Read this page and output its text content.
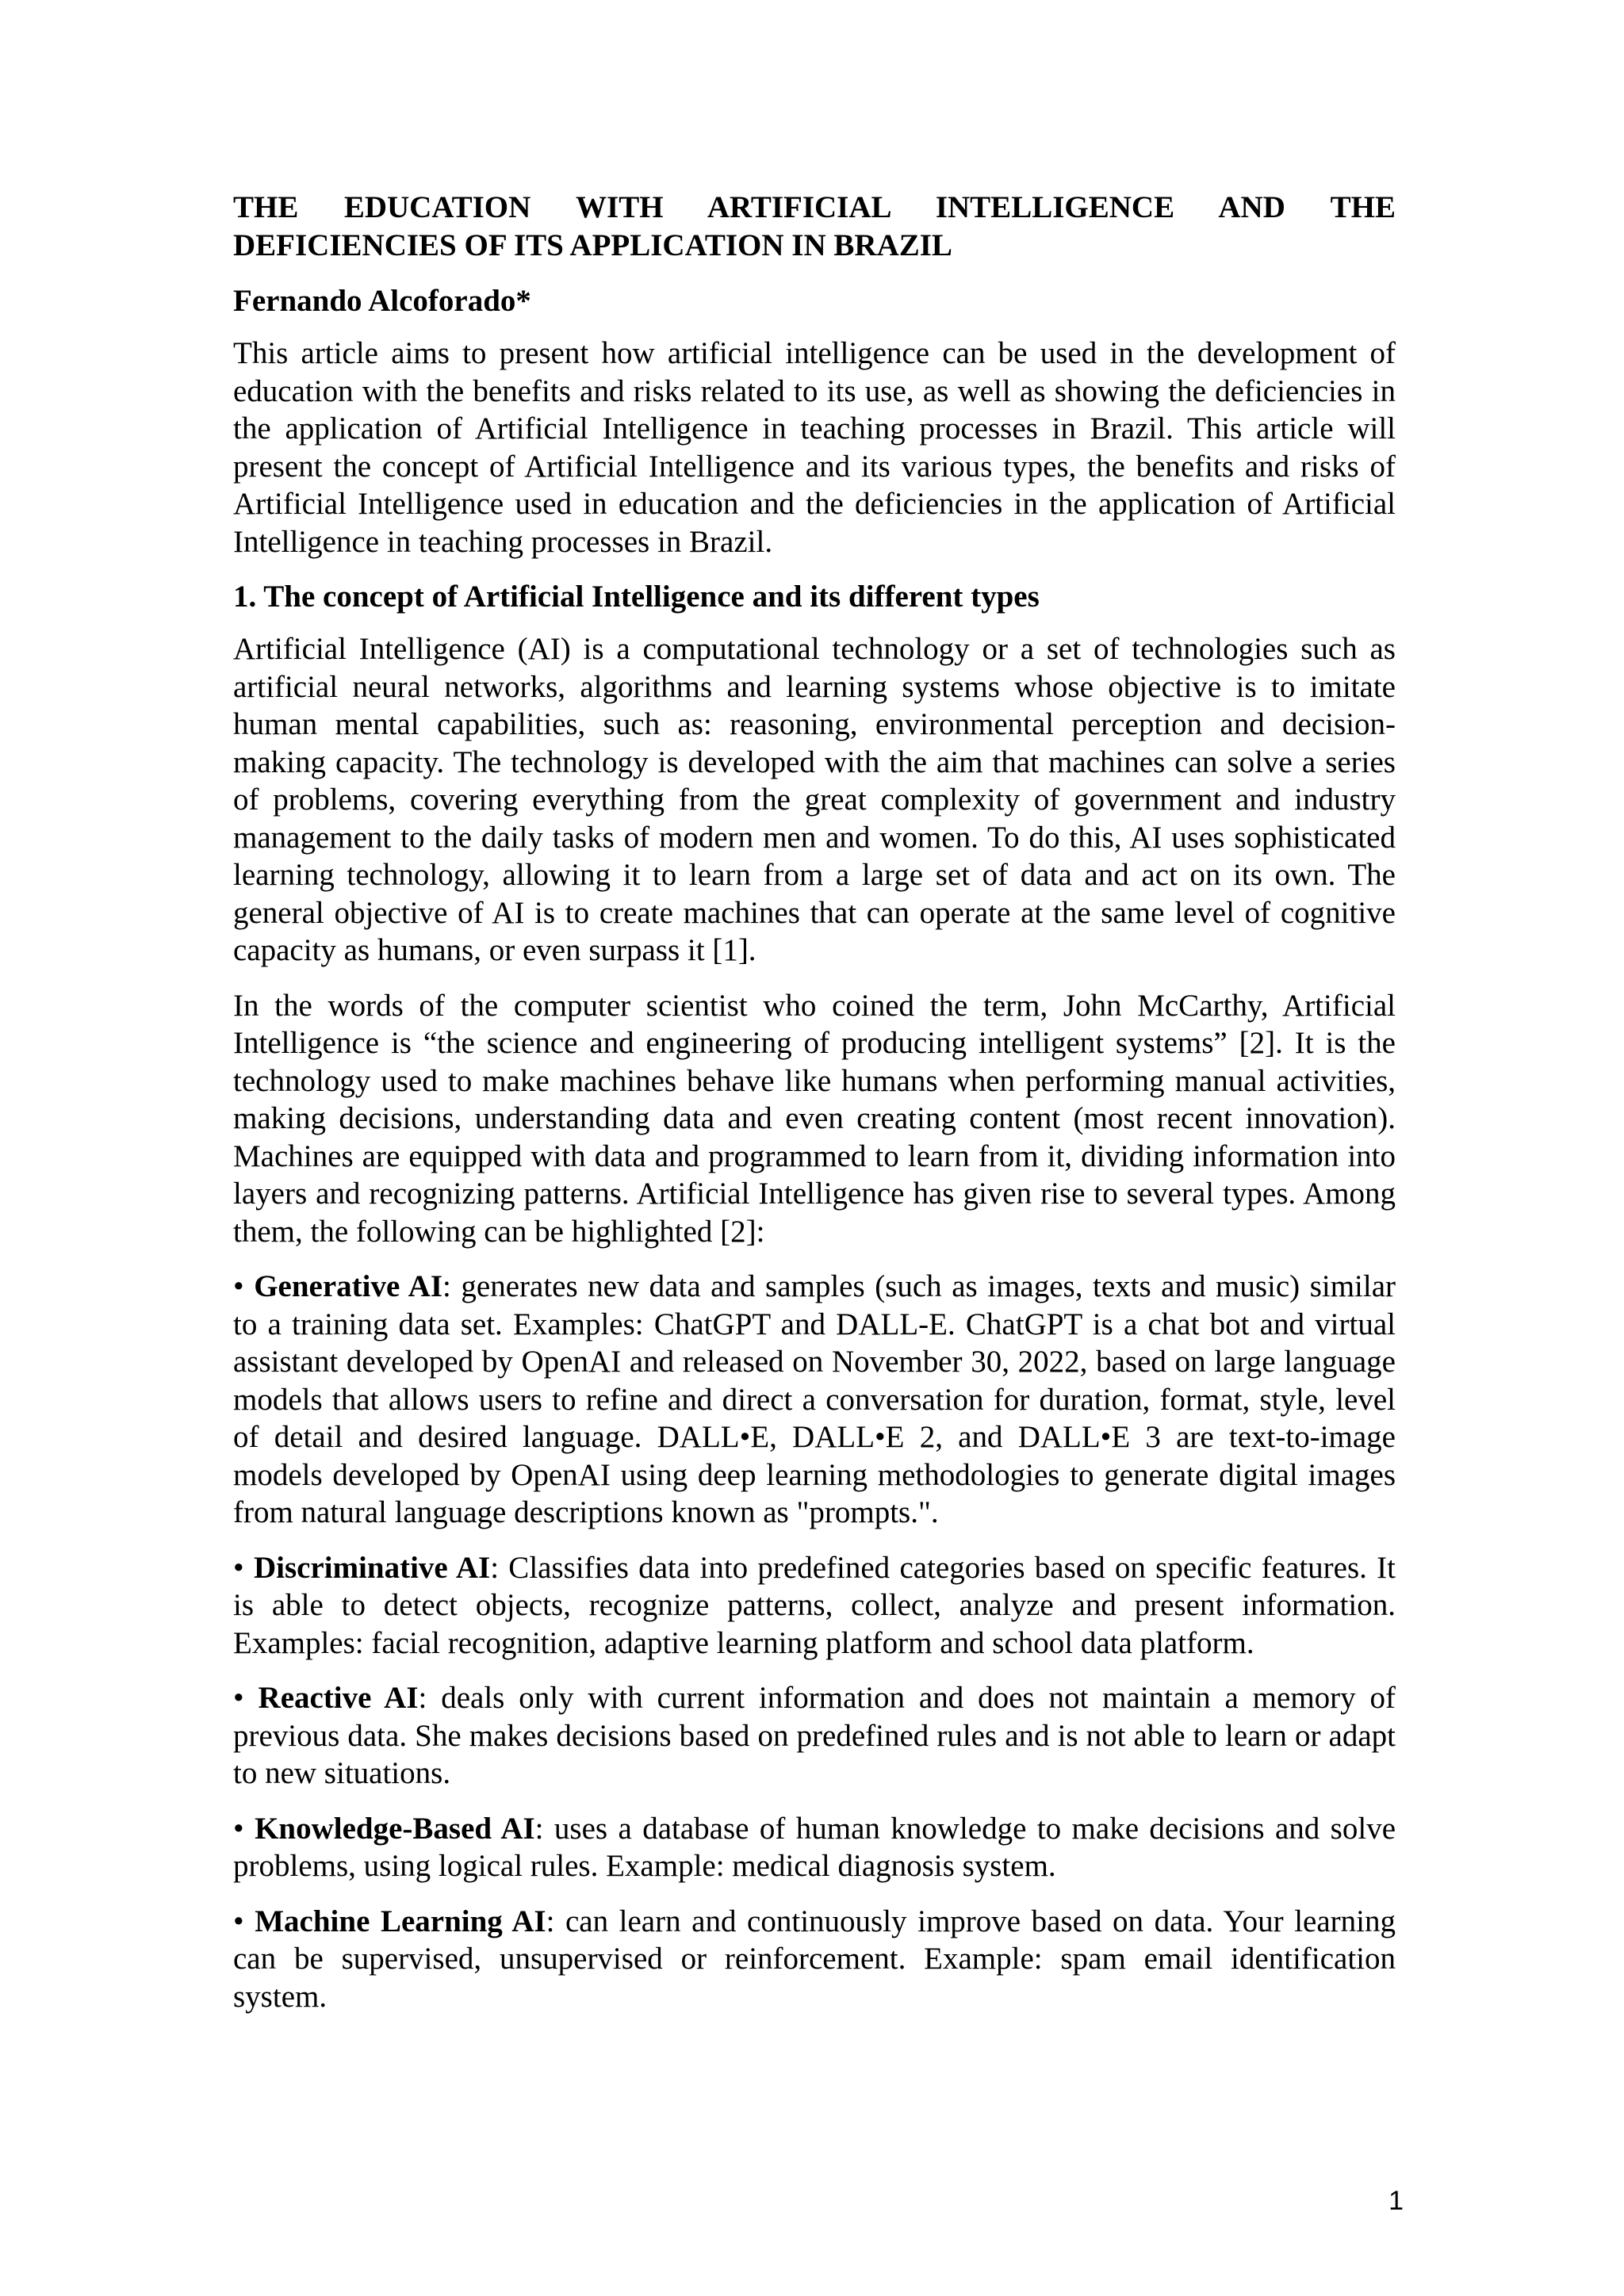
THE EDUCATION WITH ARTIFICIAL INTELLIGENCE AND THE DEFICIENCIES OF ITS APPLICATION IN BRAZIL
Fernando Alcoforado*

This article aims to present how artificial intelligence can be used in the development of education with the benefits and risks related to its use, as well as showing the deficiencies in the application of Artificial Intelligence in teaching processes in Brazil. This article will present the concept of Artificial Intelligence and its various types, the benefits and risks of Artificial Intelligence used in education and the deficiencies in the application of Artificial Intelligence in teaching processes in Brazil.

1. The concept of Artificial Intelligence and its different types

Artificial Intelligence (AI) is a computational technology or a set of technologies such as artificial neural networks, algorithms and learning systems whose objective is to imitate human mental capabilities, such as: reasoning, environmental perception and decision-making capacity. The technology is developed with the aim that machines can solve a series of problems, covering everything from the great complexity of government and industry management to the daily tasks of modern men and women. To do this, AI uses sophisticated learning technology, allowing it to learn from a large set of data and act on its own. The general objective of AI is to create machines that can operate at the same level of cognitive capacity as humans, or even surpass it [1].

In the words of the computer scientist who coined the term, John McCarthy, Artificial Intelligence is “the science and engineering of producing intelligent systems” [2]. It is the technology used to make machines behave like humans when performing manual activities, making decisions, understanding data and even creating content (most recent innovation). Machines are equipped with data and programmed to learn from it, dividing information into layers and recognizing patterns. Artificial Intelligence has given rise to several types. Among them, the following can be highlighted [2]:

• Generative AI: generates new data and samples (such as images, texts and music) similar to a training data set. Examples: ChatGPT and DALL-E. ChatGPT is a chat bot and virtual assistant developed by OpenAI and released on November 30, 2022, based on large language models that allows users to refine and direct a conversation for duration, format, style, level of detail and desired language. DALL•E, DALL•E 2, and DALL•E 3 are text-to-image models developed by OpenAI using deep learning methodologies to generate digital images from natural language descriptions known as "prompts.".

• Discriminative AI: Classifies data into predefined categories based on specific features. It is able to detect objects, recognize patterns, collect, analyze and present information. Examples: facial recognition, adaptive learning platform and school data platform.

• Reactive AI: deals only with current information and does not maintain a memory of previous data. She makes decisions based on predefined rules and is not able to learn or adapt to new situations.

• Knowledge-Based AI: uses a database of human knowledge to make decisions and solve problems, using logical rules. Example: medical diagnosis system.

• Machine Learning AI: can learn and continuously improve based on data. Your learning can be supervised, unsupervised or reinforcement. Example: spam email identification system.

1
